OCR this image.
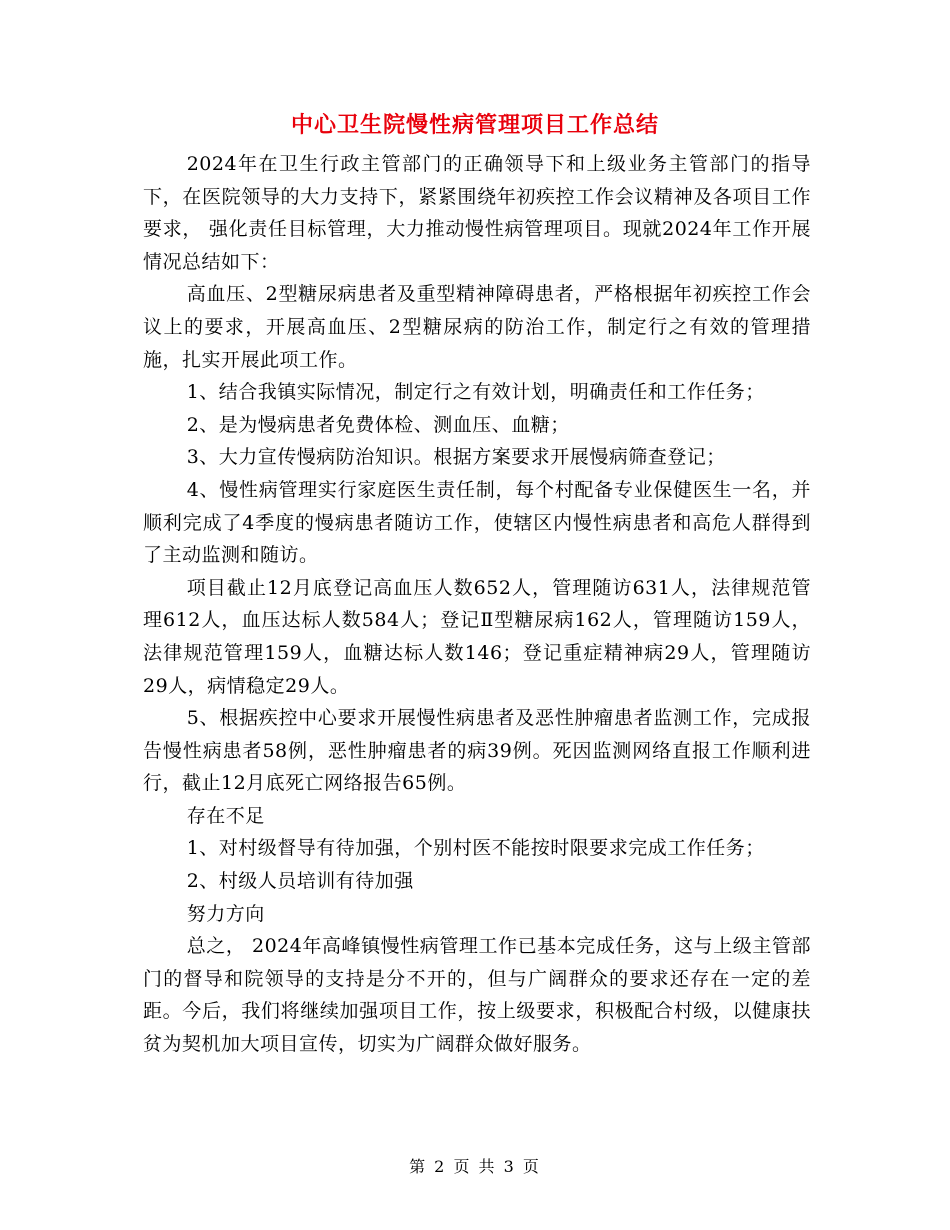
中心卫生院慢性病管理项目工作总结

2024年在卫生行政主管部门的正确领导下和上级业务主管部门的指导下，在医院领导的大力支持下，紧紧围绕年初疾控工作会议精神及各项目工作要求， 强化责任目标管理，大力推动慢性病管理项目。现就2024年工作开展情况总结如下：

高血压、2型糖尿病患者及重型精神障碍患者，严格根据年初疾控工作会议上的要求，开展高血压、2型糖尿病的防治工作，制定行之有效的管理措施，扎实开展此项工作。

1、结合我镇实际情况，制定行之有效计划，明确责任和工作任务；

2、是为慢病患者免费体检、测血压、血糖；

3、大力宣传慢病防治知识。根据方案要求开展慢病筛查登记；

4、慢性病管理实行家庭医生责任制，每个村配备专业保健医生一名，并顺利完成了4季度的慢病患者随访工作，使辖区内慢性病患者和高危人群得到了主动监测和随访。

项目截止12月底登记高血压人数652人，管理随访631人，法律规范管理612人，血压达标人数584人；登记Ⅱ型糖尿病162人，管理随访159人，法律规范管理159人，血糖达标人数146；登记重症精神病29人，管理随访29人，病情稳定29人。

5、根据疾控中心要求开展慢性病患者及恶性肿瘤患者监测工作，完成报告慢性病患者58例，恶性肿瘤患者的病39例。死因监测网络直报工作顺利进行，截止12月底死亡网络报告65例。

存在不足

1、对村级督导有待加强，个别村医不能按时限要求完成工作任务；

2、村级人员培训有待加强

努力方向

总之， 2024年高峰镇慢性病管理工作已基本完成任务，这与上级主管部门的督导和院领导的支持是分不开的，但与广阔群众的要求还存在一定的差距。今后，我们将继续加强项目工作，按上级要求，积极配合村级，以健康扶贫为契机加大项目宣传，切实为广阔群众做好服务。

第 2 页 共 3 页
